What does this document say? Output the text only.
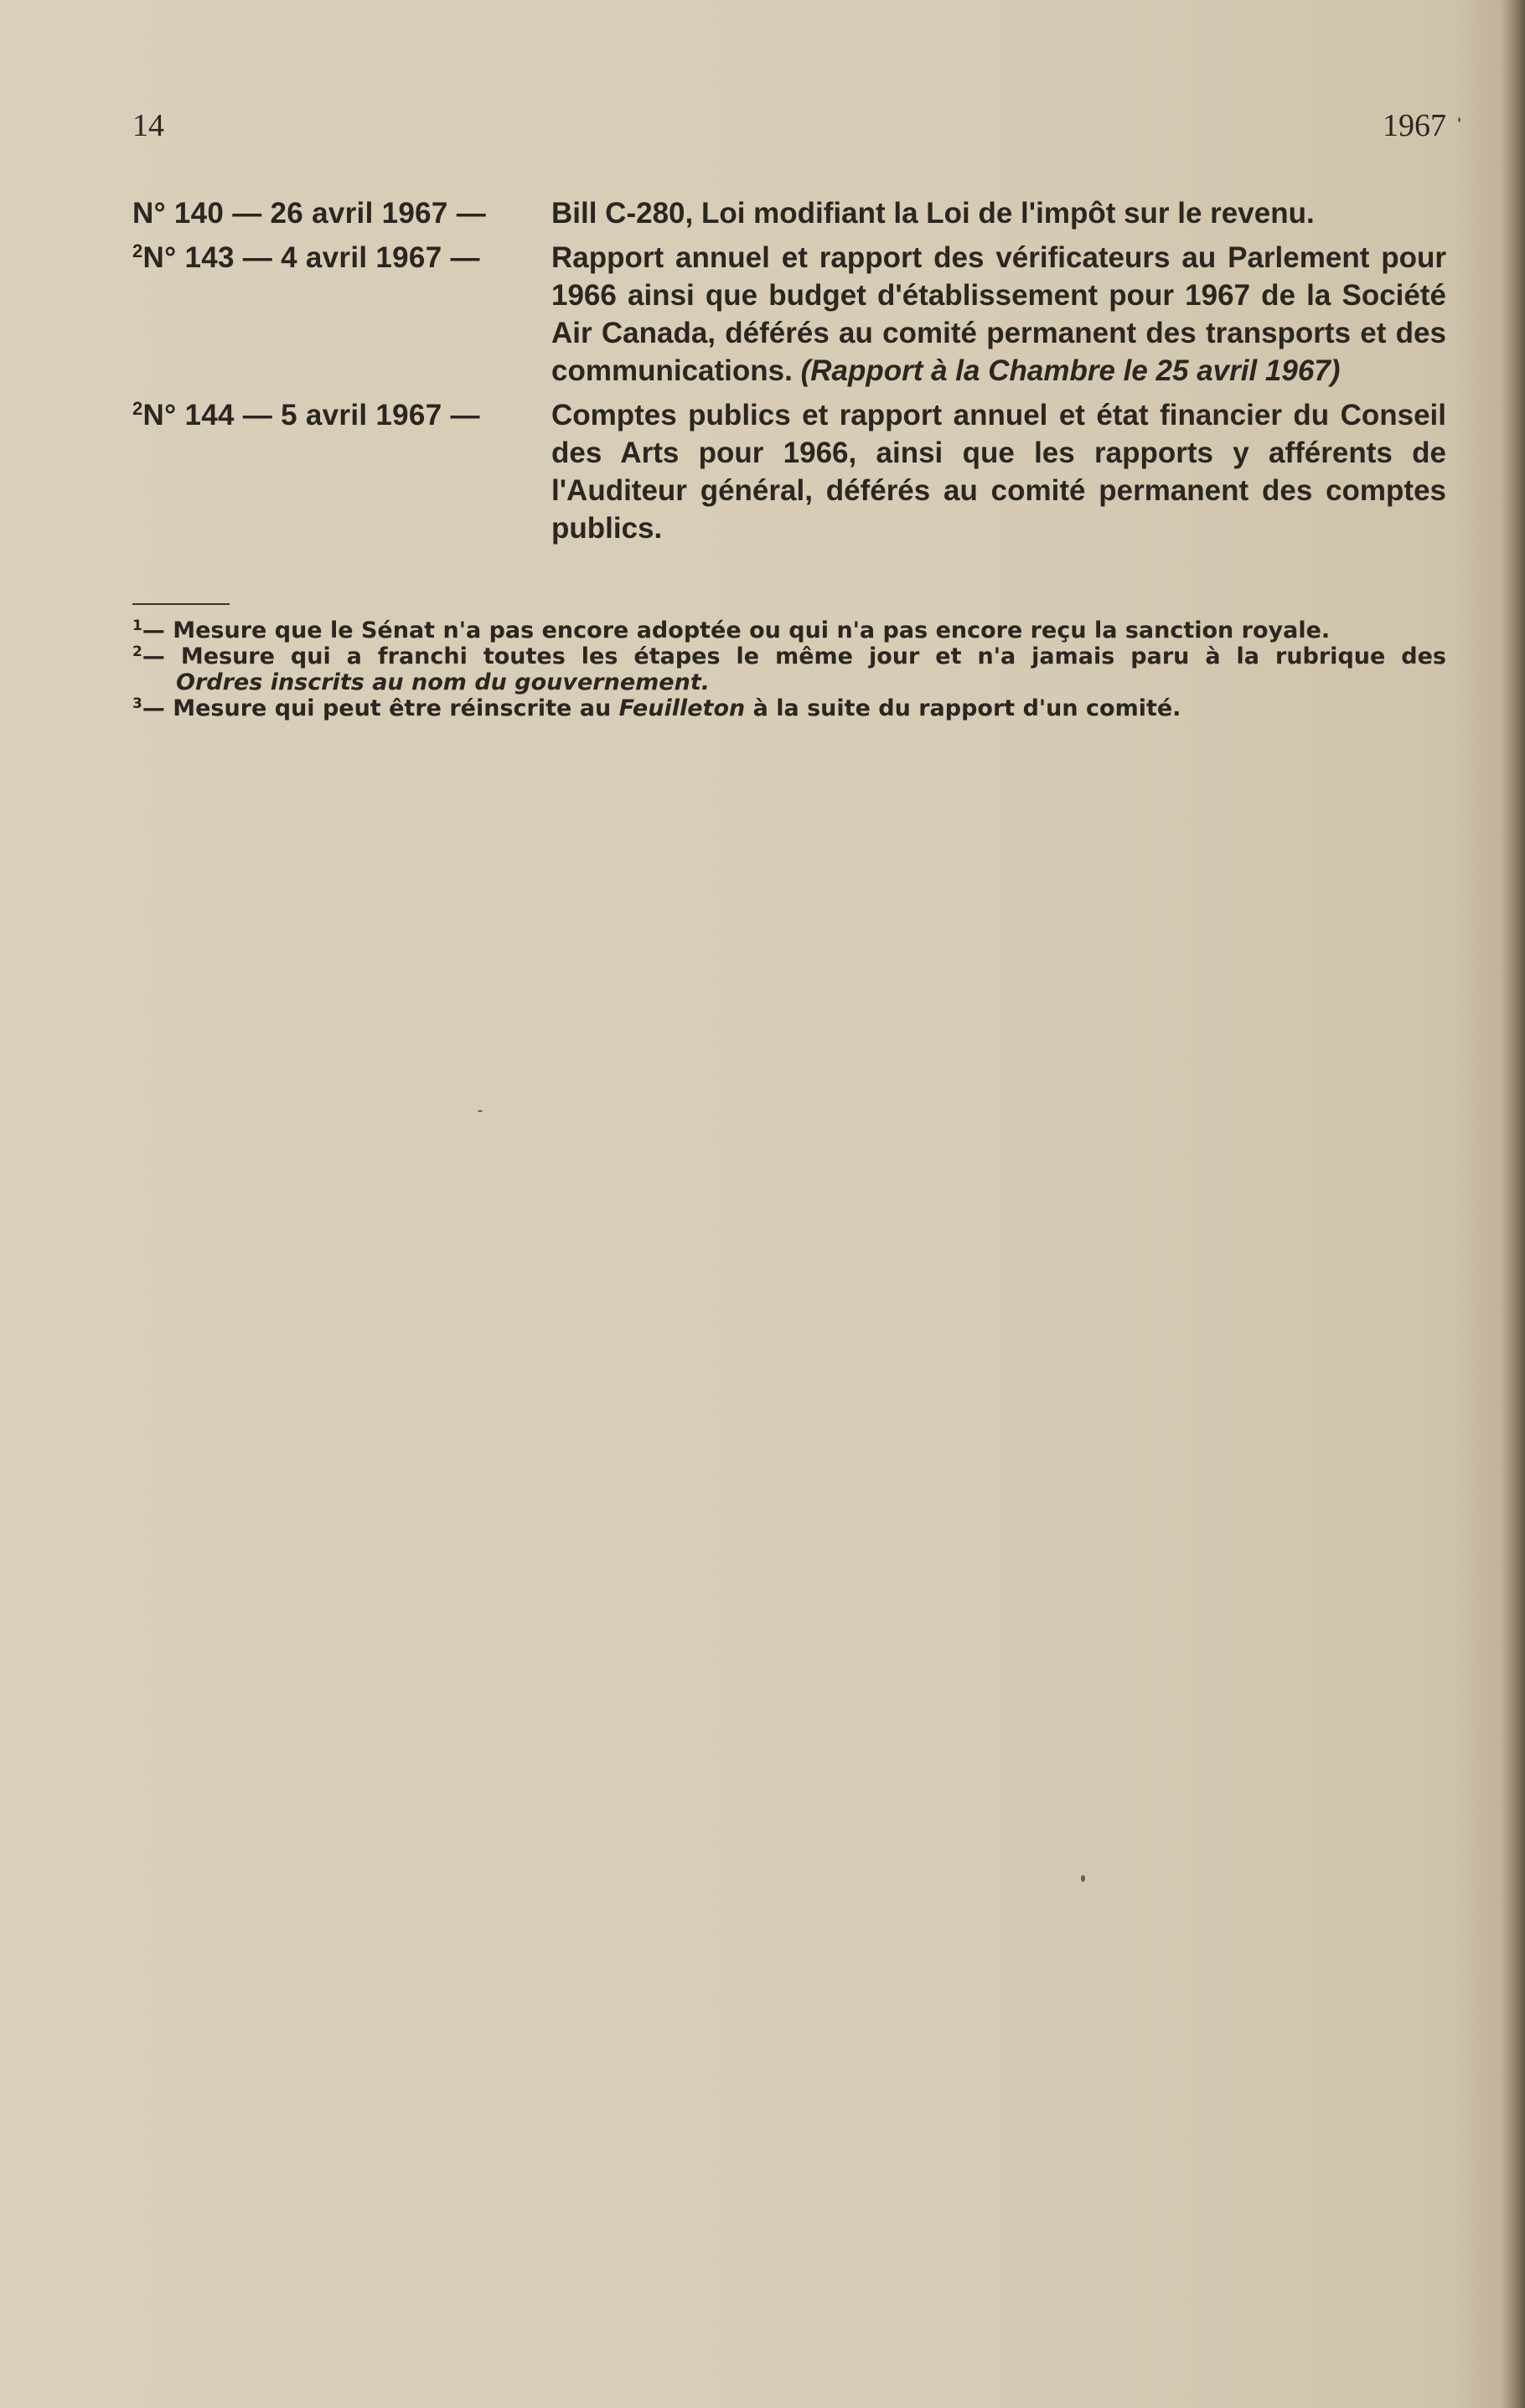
14	1967
N° 140 — 26 avril 1967 —	Bill C-280, Loi modifiant la Loi de l'impôt sur le revenu.
$^2$N° 143 — 4 avril 1967 —	Rapport annuel et rapport des vérificateurs au Parlement pour 1966 ainsi que budget d'établissement pour 1967 de la Société Air Canada, déférés au comité permanent des transports et des communications. (Rapport à la Chambre le 25 avril 1967)
$^2$N° 144 — 5 avril 1967 —	Comptes publics et rapport annuel et état financier du Conseil des Arts pour 1966, ainsi que les rapports y afférents de l'Auditeur général, déférés au comité permanent des comptes publics.
$^1$— Mesure que le Sénat n'a pas encore adoptée ou qui n'a pas encore reçu la sanction royale.
$^2$— Mesure qui a franchi toutes les étapes le même jour et n'a jamais paru à la rubrique des
Ordres inscrits au nom du gouvernement.
$^3$— Mesure qui peut être réinscrite au Feuilleton à la suite du rapport d'un comité.
